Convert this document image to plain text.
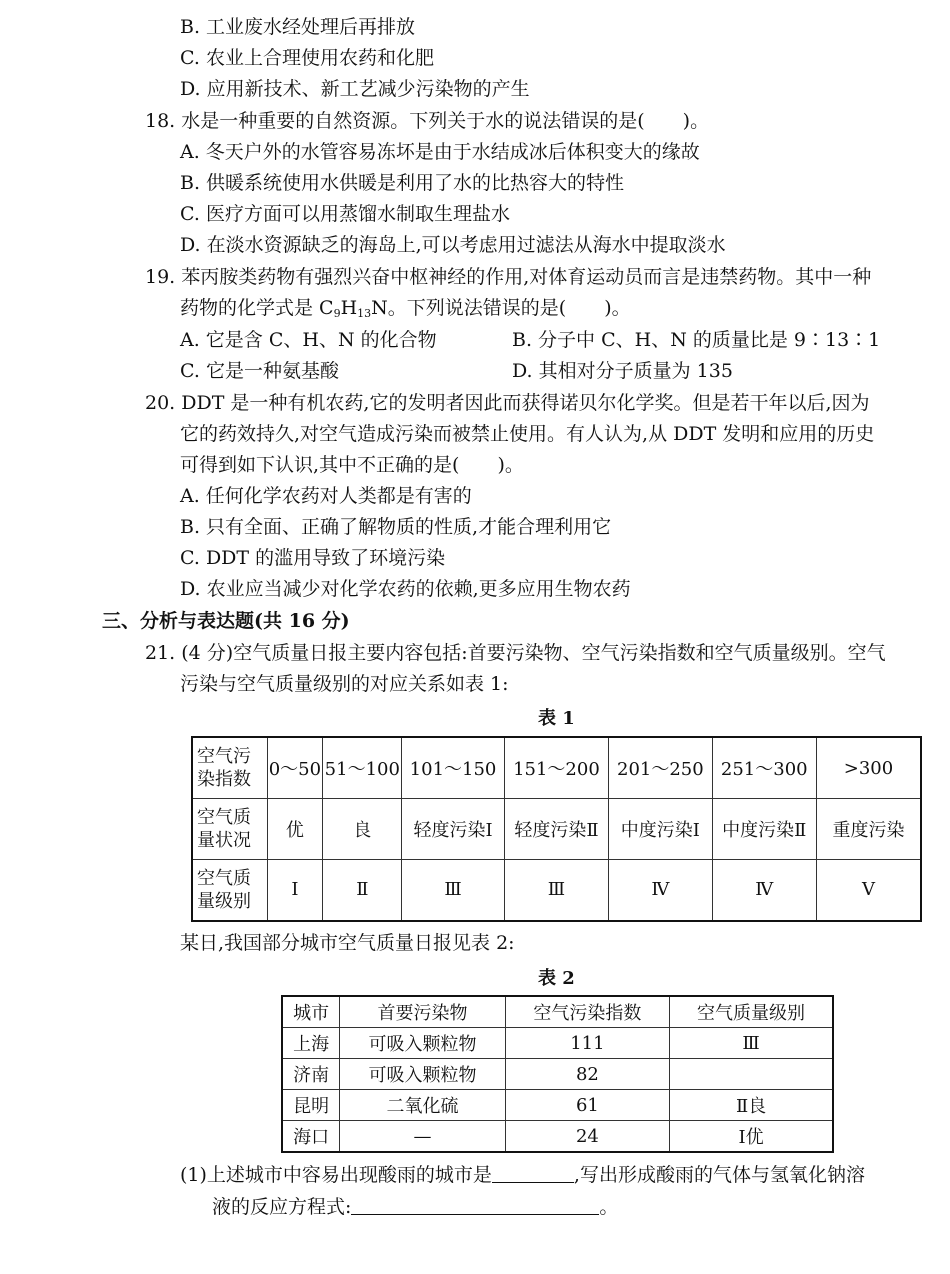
B. 工业废水经处理后再排放
C. 农业上合理使用农药和化肥
D. 应用新技术、新工艺减少污染物的产生
18. 水是一种重要的自然资源。下列关于水的说法错误的是(　　)。
A. 冬天户外的水管容易冻坏是由于水结成冰后体积变大的缘故
B. 供暖系统使用水供暖是利用了水的比热容大的特性
C. 医疗方面可以用蒸馏水制取生理盐水
D. 在淡水资源缺乏的海岛上,可以考虑用过滤法从海水中提取淡水
19. 苯丙胺类药物有强烈兴奋中枢神经的作用,对体育运动员而言是违禁药物。其中一种
药物的化学式是 $C_9H_{13}N$。下列说法错误的是(　　)。
A. 它是含 C、H、N 的化合物	B. 分子中 C、H、N 的质量比是 9∶13∶1
C. 它是一种氨基酸	D. 其相对分子质量为 135
20. DDT 是一种有机农药,它的发明者因此而获得诺贝尔化学奖。但是若干年以后,因为
它的药效持久,对空气造成污染而被禁止使用。有人认为,从 DDT 发明和应用的历史
可得到如下认识,其中不正确的是(　　)。
A. 任何化学农药对人类都是有害的
B. 只有全面、正确了解物质的性质,才能合理利用它
C. DDT 的滥用导致了环境污染
D. 农业应当减少对化学农药的依赖,更多应用生物农药
三、分析与表达题(共 16 分)
21. (4 分)空气质量日报主要内容包括:首要污染物、空气污染指数和空气质量级别。空气
污染与空气质量级别的对应关系如表 1:
表 1
空气污染指数	0～50	51～100	101～150	151～200	201～250	251～300	>300
空气质量状况	优	良	轻度污染Ⅰ	轻度污染Ⅱ	中度污染Ⅰ	中度污染Ⅱ	重度污染
空气质量级别	Ⅰ	Ⅱ	Ⅲ	Ⅲ	Ⅳ	Ⅳ	Ⅴ
某日,我国部分城市空气质量日报见表 2:
表 2
城市	首要污染物	空气污染指数	空气质量级别
上海	可吸入颗粒物	111	Ⅲ
济南	可吸入颗粒物	82	
昆明	二氧化硫	61	Ⅱ良
海口	—	24	Ⅰ优
(1)上述城市中容易出现酸雨的城市是	,写出形成酸雨的气体与氢氧化钠溶
液的反应方程式:	。
